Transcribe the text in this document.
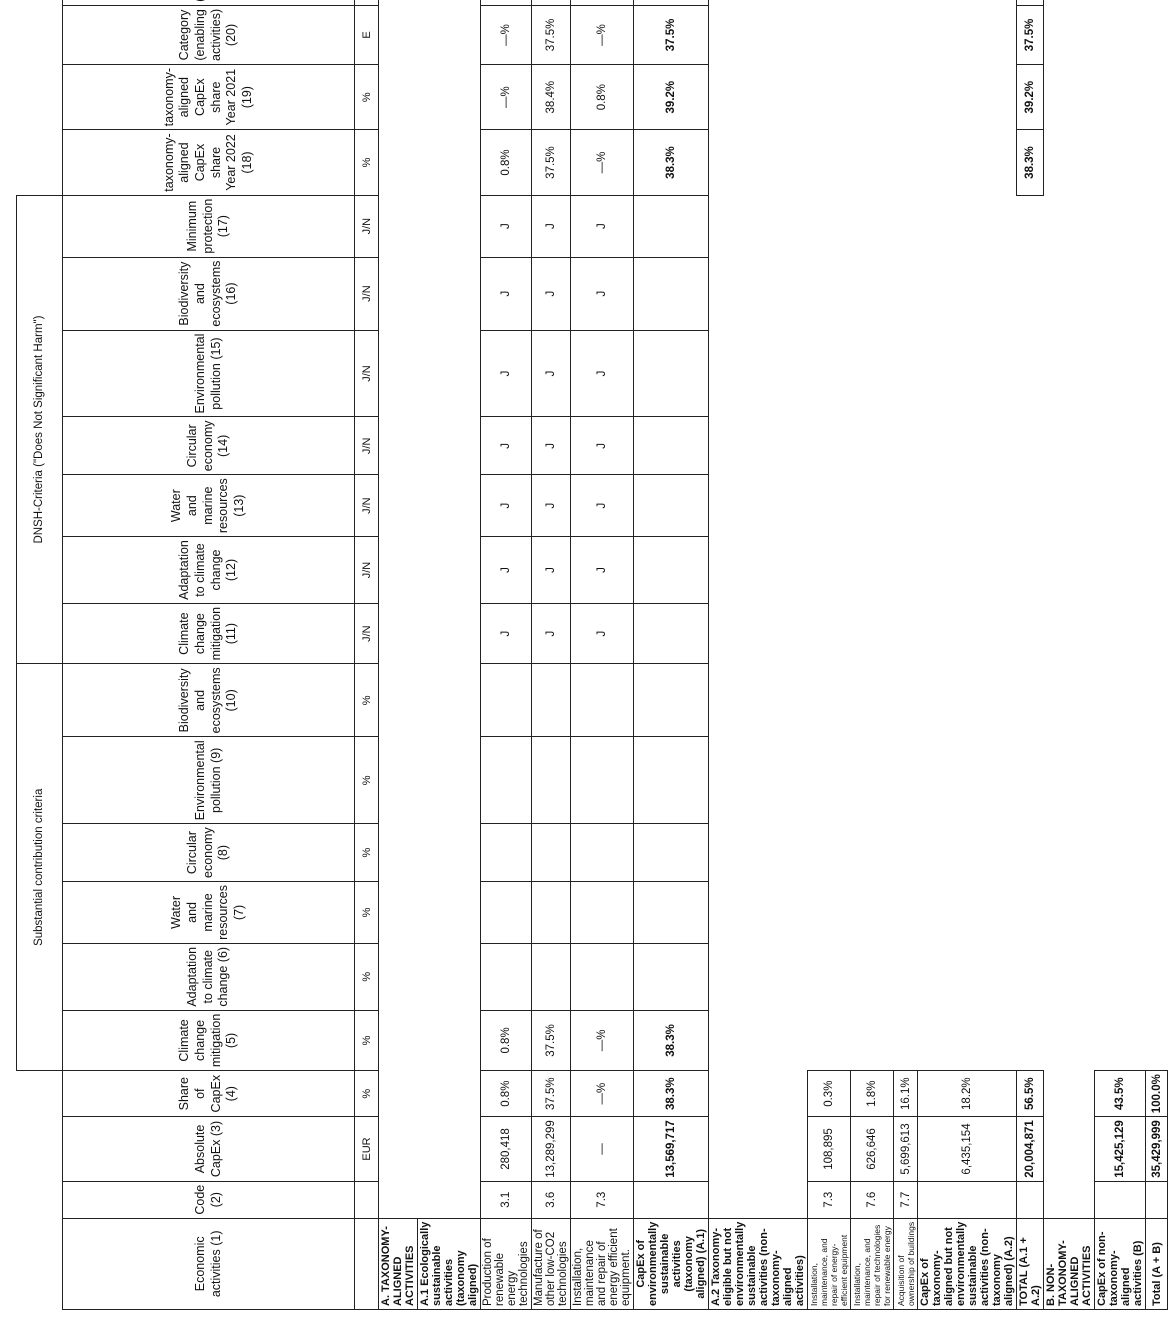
				Substantial contribution criteria						DNSH-Criteria ("Does Not Significant Harm")										
Economic activities (1)	Code (2)	Absolute CapEx (3)	Share of CapEx (4)	Climate change mitigation (5)	Adaptation to climate change (6)	Water and marine resources (7)	Circular economy (8)	Environmental pollution (9)	Biodiversity and ecosystems (10)	Climate change mitigation (11)	Adaptation to climate change (12)	Water and marine resources (13)	Circular economy (14)	Environmental pollution (15)	Biodiversity and ecosystems (16)	Minimum protection (17)	taxonomy-aligned CapEx share Year 2022 (18)	taxonomy-aligned CapEx share Year 2021 (19)	Category (enabling activities) (20)	
		EUR	%	%	%	%	%	%	%	J/N	J/N	J/N	J/N	J/N	J/N	J/N	%	%	E	
A. TAXONOMY-ALIGNED ACTIVITIES																				
A.1 Ecologically sustainable activities (taxonomy aligned)																				
Production of renewable energy technologies	3.1	280,418	0.8%	0.8%						J	J	J	J	J	J	J	0.8%	—%	—%	
Manufacture of other low-CO2 technologies	3.6	13,289,299	37.5%	37.5%						J	J	J	J	J	J	J	37.5%	38.4%	37.5%	
Installation, maintenance and repair of energy efficient equipment.	7.3	—	—%	—%						J	J	J	J	J	J	J	—%	0.8%	—%	
CapEx of environmentally sustainable activities (taxonomy aligned) (A.1)		13,569,717	38.3%	38.3%													38.3%	39.2%	37.5%	
A.2 Taxonomy-eligible but not environmentally sustainable activities (non-taxonomy-aligned activities)																				
Installation, maintenance, and repair of energy-efficient equipment	7.3	108,895	0.3%																	
Installation, maintenance, and repair of technologies for renewable energy	7.6	626,646	1.8%																	
Acquisition of ownership of buildings	7.7	5,699,613	16.1%																	
CapEx of taxonomy-aligned but not environmentally sustainable activities (non-taxonomy aligned) (A.2)		6,435,154	18.2%																	
TOTAL (A.1 + A.2)		20,004,871	56.5%														38.3%	39.2%	37.5%	
B. NON-TAXONOMY-ALIGNED ACTIVITIES																				
CapEx of non-taxonomy-aligned activities (B)		15,425,129	43.5%																	
Total (A + B)		35,429,999	100.0%																	
